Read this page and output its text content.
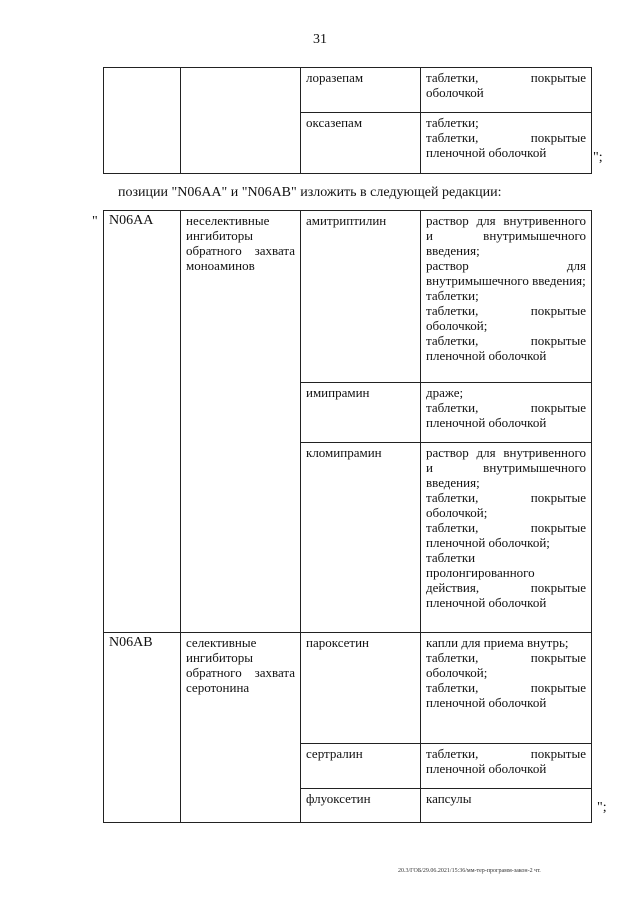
31
		лоразепам	таблетки, покрытые оболочкой
		оксазепам	таблетки;
таблетки, покрытые пленочной оболочкой	";
позиции "N06AA" и "N06AB" изложить в следующей редакции:
" N06AA	неселективные ингибиторы обратного захвата моноаминов	амитриптилин	раствор для внутривенного и внутримышечного введения;
раствор для внутримышечного введения;
таблетки;
таблетки, покрытые оболочкой;
таблетки, покрытые пленочной оболочкой
		имипрамин	драже;
таблетки, покрытые пленочной оболочкой
		кломипрамин	раствор для внутривенного и внутримышечного введения;
таблетки, покрытые оболочкой;
таблетки, покрытые пленочной оболочкой;
таблетки пролонгированного действия, покрытые пленочной оболочкой
N06AB	селективные ингибиторы обратного захвата серотонина	пароксетин	капли для приема внутрь;
таблетки, покрытые оболочкой;
таблетки, покрытые пленочной оболочкой
		сертралин	таблетки, покрытые пленочной оболочкой
		флуоксетин	капсулы
";
20.3/ГОБ/29.06.2021/15:36/мм-тер-программ-закон-2 чт.
